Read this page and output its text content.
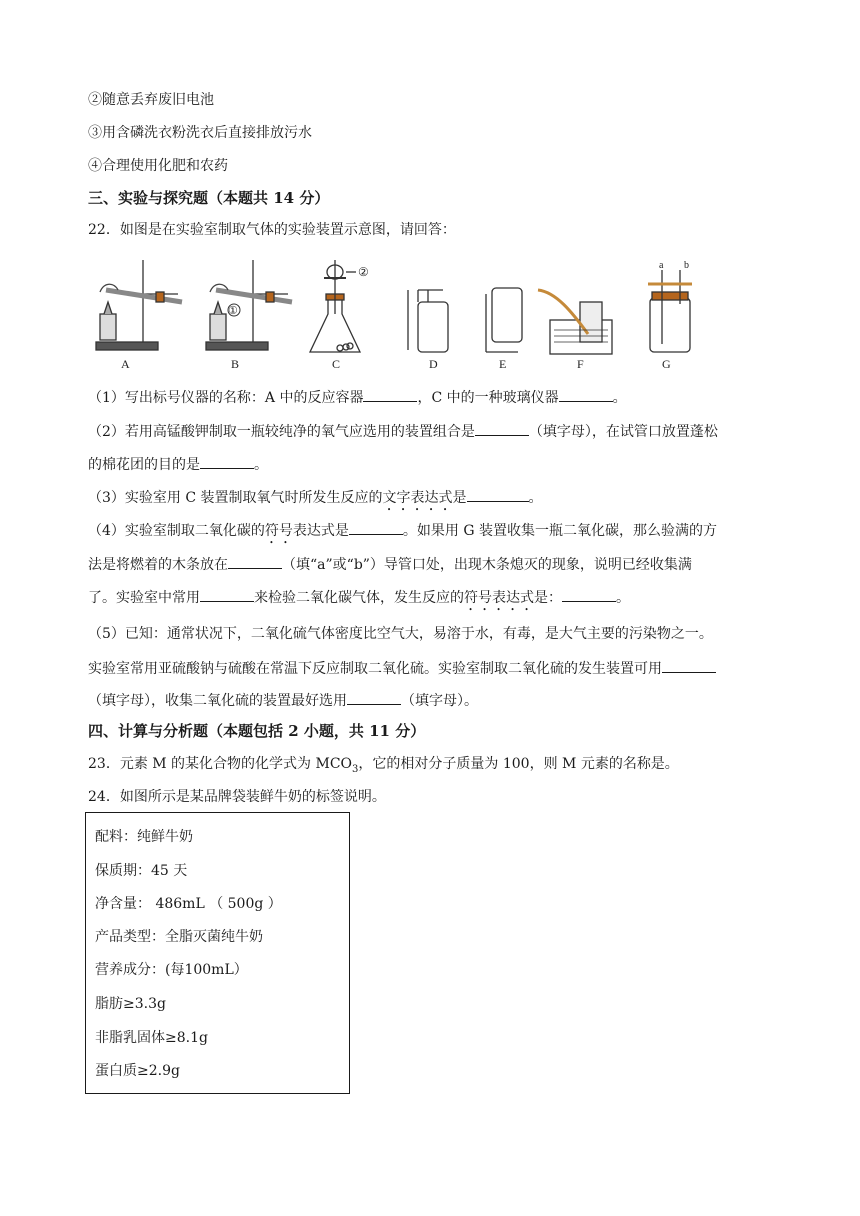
②随意丢弃废旧电池
③用含磷洗衣粉洗衣后直接排放污水
④合理使用化肥和农药
三、实验与探究题（本题共 14 分）
22．如图是在实验室制取气体的实验装置示意图，请回答：
A	B	C	D	E	F	G
①
②	a b
（1）写出标号仪器的名称：A 中的反应容器	，C 中的一种玻璃仪器	。
（2）若用高锰酸钾制取一瓶较纯净的氧气应选用的装置组合是	（填字母），在试管口放置蓬松
的棉花团的目的是	。
（3）实验室用 C 装置制取氧气时所发生反应的文字表达式是	。
（4）实验室制取二氧化碳的符号表达式是	。如果用 G 装置收集一瓶二氧化碳，那么验满的方
法是将燃着的木条放在	（填“a”或“b”）导管口处，出现木条熄灭的现象，说明已经收集满
了。实验室中常用	来检验二氧化碳气体，发生反应的符号表达式是：	。
（5）已知：通常状况下，二氧化硫气体密度比空气大，易溶于水，有毒，是大气主要的污染物之一。
实验室常用亚硫酸钠与硫酸在常温下反应制取二氧化硫。实验室制取二氧化硫的发生装置可用
（填字母），收集二氧化硫的装置最好选用	（填字母）。
四、计算与分析题（本题包括 2 小题，共 11 分）
23．元素 M 的某化合物的化学式为 $MCO_3$，它的相对分子质量为 100，则 M 元素的名称是。
24．如图所示是某品牌袋装鲜牛奶的标签说明。
配料：纯鲜牛奶
保质期：45 天
净含量： 486mL （ 500g ）
产品类型：全脂灭菌纯牛奶
营养成分：(每100mL）
脂肪≥3.3g
非脂乳固体≥8.1g
蛋白质≥2.9g
